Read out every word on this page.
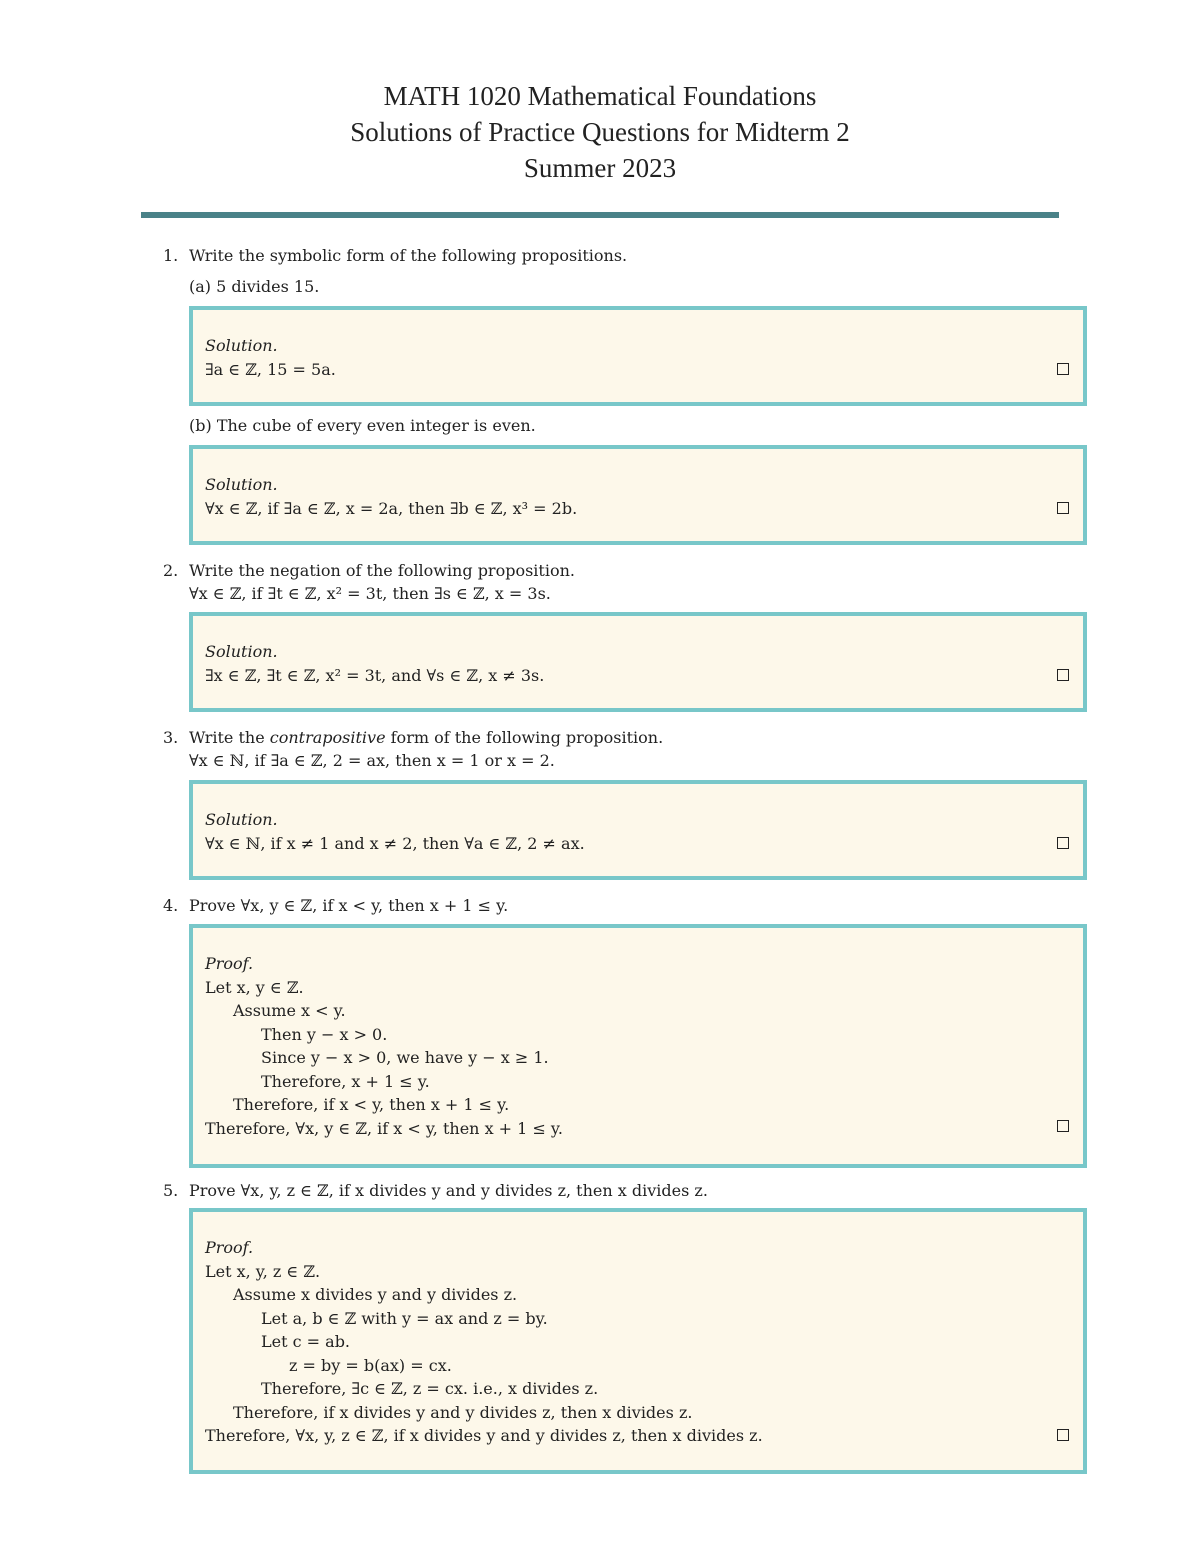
MATH 1020 Mathematical Foundations
Solutions of Practice Questions for Midterm 2
Summer 2023
1. Write the symbolic form of the following propositions.
(a) 5 divides 15.
Solution.
∃a ∈ ℤ, 15 = 5a.
(b) The cube of every even integer is even.
Solution.
∀x ∈ ℤ, if ∃a ∈ ℤ, x = 2a, then ∃b ∈ ℤ, x³ = 2b.
2. Write the negation of the following proposition.
∀x ∈ ℤ, if ∃t ∈ ℤ, x² = 3t, then ∃s ∈ ℤ, x = 3s.
Solution.
∃x ∈ ℤ, ∃t ∈ ℤ, x² = 3t, and ∀s ∈ ℤ, x ≠ 3s.
3. Write the contrapositive form of the following proposition.
∀x ∈ ℕ, if ∃a ∈ ℤ, 2 = ax, then x = 1 or x = 2.
Solution.
∀x ∈ ℕ, if x ≠ 1 and x ≠ 2, then ∀a ∈ ℤ, 2 ≠ ax.
4. Prove ∀x, y ∈ ℤ, if x < y, then x + 1 ≤ y.
Proof.
Let x, y ∈ ℤ.
Assume x < y.
Then y − x > 0.
Since y − x > 0, we have y − x ≥ 1.
Therefore, x + 1 ≤ y.
Therefore, if x < y, then x + 1 ≤ y.
Therefore, ∀x, y ∈ ℤ, if x < y, then x + 1 ≤ y.
5. Prove ∀x, y, z ∈ ℤ, if x divides y and y divides z, then x divides z.
Proof.
Let x, y, z ∈ ℤ.
Assume x divides y and y divides z.
Let a, b ∈ ℤ with y = ax and z = by.
Let c = ab.
z = by = b(ax) = cx.
Therefore, ∃c ∈ ℤ, z = cx. i.e., x divides z.
Therefore, if x divides y and y divides z, then x divides z.
Therefore, ∀x, y, z ∈ ℤ, if x divides y and y divides z, then x divides z.
